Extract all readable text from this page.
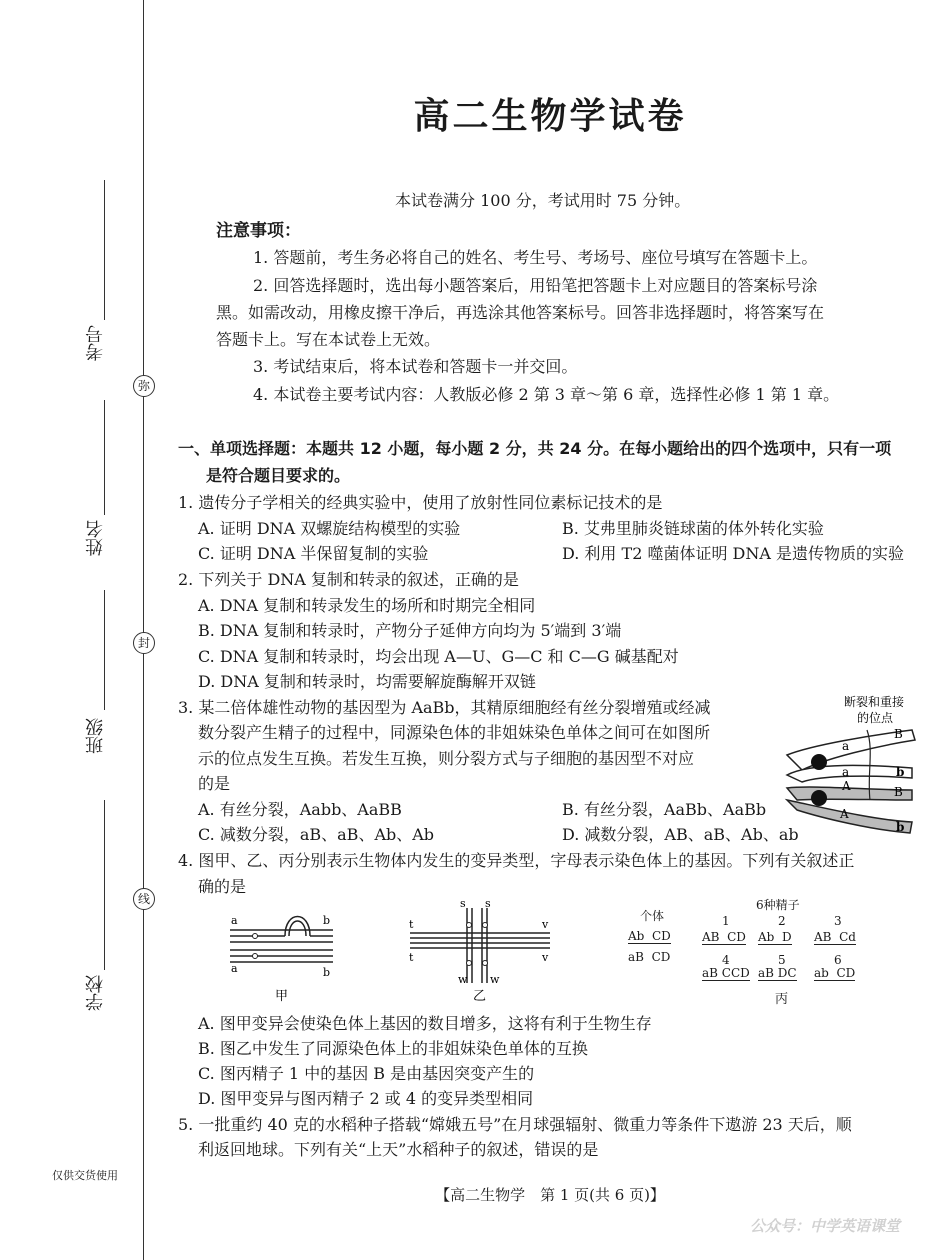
弥
封
线
考号
姓名
班级
学校
仅供交货使用
高二生物学试卷
本试卷满分 100 分，考试用时 75 分钟。
注意事项：
1. 答题前，考生务必将自己的姓名、考生号、考场号、座位号填写在答题卡上。
2. 回答选择题时，选出每小题答案后，用铅笔把答题卡上对应题目的答案标号涂
黑。如需改动，用橡皮擦干净后，再选涂其他答案标号。回答非选择题时，将答案写在
答题卡上。写在本试卷上无效。
3. 考试结束后，将本试卷和答题卡一并交回。
4. 本试卷主要考试内容：人教版必修 2 第 3 章～第 6 章，选择性必修 1 第 1 章。
一、单项选择题：本题共 12 小题，每小题 2 分，共 24 分。在每小题给出的四个选项中，只有一项
是符合题目要求的。
1. 遗传分子学相关的经典实验中，使用了放射性同位素标记技术的是
A. 证明 DNA 双螺旋结构模型的实验	B. 艾弗里肺炎链球菌的体外转化实验
C. 证明 DNA 半保留复制的实验	D. 利用 T2 噬菌体证明 DNA 是遗传物质的实验
2. 下列关于 DNA 复制和转录的叙述，正确的是
A. DNA 复制和转录发生的场所和时期完全相同
B. DNA 复制和转录时，产物分子延伸方向均为 5′端到 3′端
C. DNA 复制和转录时，均会出现 A—U、G—C 和 C—G 碱基配对
D. DNA 复制和转录时，均需要解旋酶解开双链
3. 某二倍体雄性动物的基因型为 AaBb，其精原细胞经有丝分裂增殖或经减
数分裂产生精子的过程中，同源染色体的非姐妹染色单体之间可在如图所
示的位点发生互换。若发生互换，则分裂方式与子细胞的基因型不对应
的是
A. 有丝分裂，Aabb、AaBB	B. 有丝分裂，AaBb、AaBb
C. 减数分裂，aB、aB、Ab、Ab	D. 减数分裂，AB、aB、Ab、ab
断裂和重接
的位点
a
B
a	b
A	B
A
b
4. 图甲、乙、丙分别表示生物体内发生的变异类型，字母表示染色体上的基因。下列有关叙述正
确的是
a	b
a	b
甲
s s
t	v
t	v
w w
乙
个体
Ab  CD
aB  CD
6种精子
1
AB  CD
2
Ab  D
3
AB  Cd
4
aB CCD
5
aB DC
6
ab  CD
丙
A. 图甲变异会使染色体上基因的数目增多，这将有利于生物生存
B. 图乙中发生了同源染色体上的非姐妹染色单体的互换
C. 图丙精子 1 中的基因 B 是由基因突变产生的
D. 图甲变异与图丙精子 2 或 4 的变异类型相同
5. 一批重约 40 克的水稻种子搭载“嫦娥五号”在月球强辐射、微重力等条件下遨游 23 天后，顺
利返回地球。下列有关“上天”水稻种子的叙述，错误的是
【高二生物学　第 1 页(共 6 页)】
公众号：中学英语课堂
